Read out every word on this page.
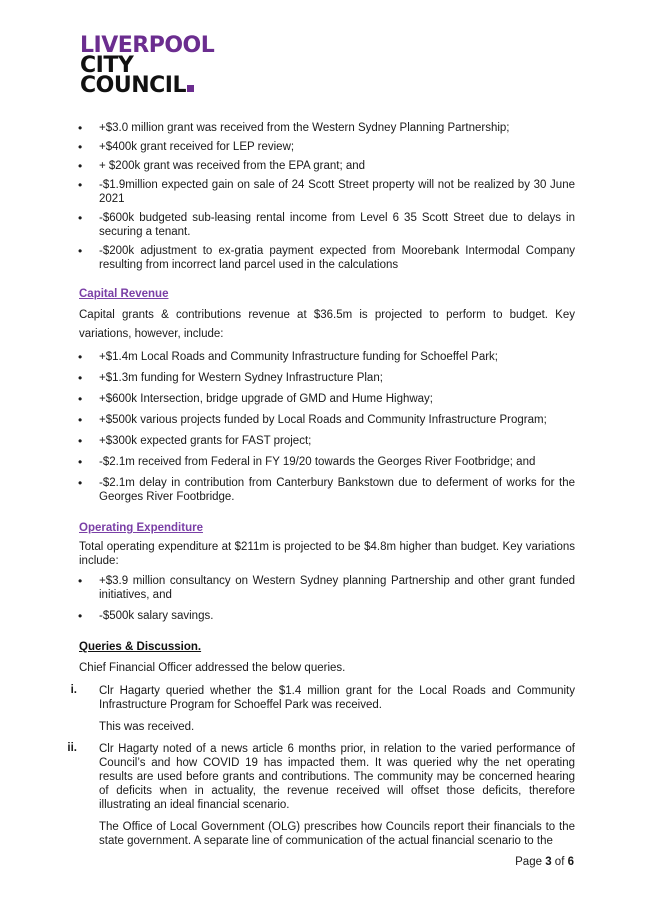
LIVERPOOL
CITY
COUNCIL
• +$3.0 million grant was received from the Western Sydney Planning Partnership;
• +$400k grant received for LEP review;
• + $200k grant was received from the EPA grant; and
• -$1.9million expected gain on sale of 24 Scott Street property will not be realized by 30 June 2021
• -$600k budgeted sub-leasing rental income from Level 6 35 Scott Street due to delays in securing a tenant.
• -$200k adjustment to ex-gratia payment expected from Moorebank Intermodal Company resulting from incorrect land parcel used in the calculations
Capital Revenue

Capital grants & contributions revenue at $36.5m is projected to perform to budget. Key variations, however, include:

• +$1.4m Local Roads and Community Infrastructure funding for Schoeffel Park;
• +$1.3m funding for Western Sydney Infrastructure Plan;
• +$600k Intersection, bridge upgrade of GMD and Hume Highway;
• +$500k various projects funded by Local Roads and Community Infrastructure Program;
• +$300k expected grants for FAST project;
• -$2.1m received from Federal in FY 19/20 towards the Georges River Footbridge; and
• -$2.1m delay in contribution from Canterbury Bankstown due to deferment of works for the Georges River Footbridge.
Operating Expenditure

Total operating expenditure at $211m is projected to be $4.8m higher than budget. Key variations include:

• +$3.9 million consultancy on Western Sydney planning Partnership and other grant funded initiatives, and
• -$500k salary savings.
Queries & Discussion.

Chief Financial Officer addressed the below queries.

i. Clr Hagarty queried whether the $1.4 million grant for the Local Roads and Community Infrastructure Program for Schoeffel Park was received.

This was received.

ii. Clr Hagarty noted of a news article 6 months prior, in relation to the varied performance of Council’s and how COVID 19 has impacted them. It was queried why the net operating results are used before grants and contributions. The community may be concerned hearing of deficits when in actuality, the revenue received will offset those deficits, therefore illustrating an ideal financial scenario.

The Office of Local Government (OLG) prescribes how Councils report their financials to the state government. A separate line of communication of the actual financial scenario to the

Page 3 of 6
